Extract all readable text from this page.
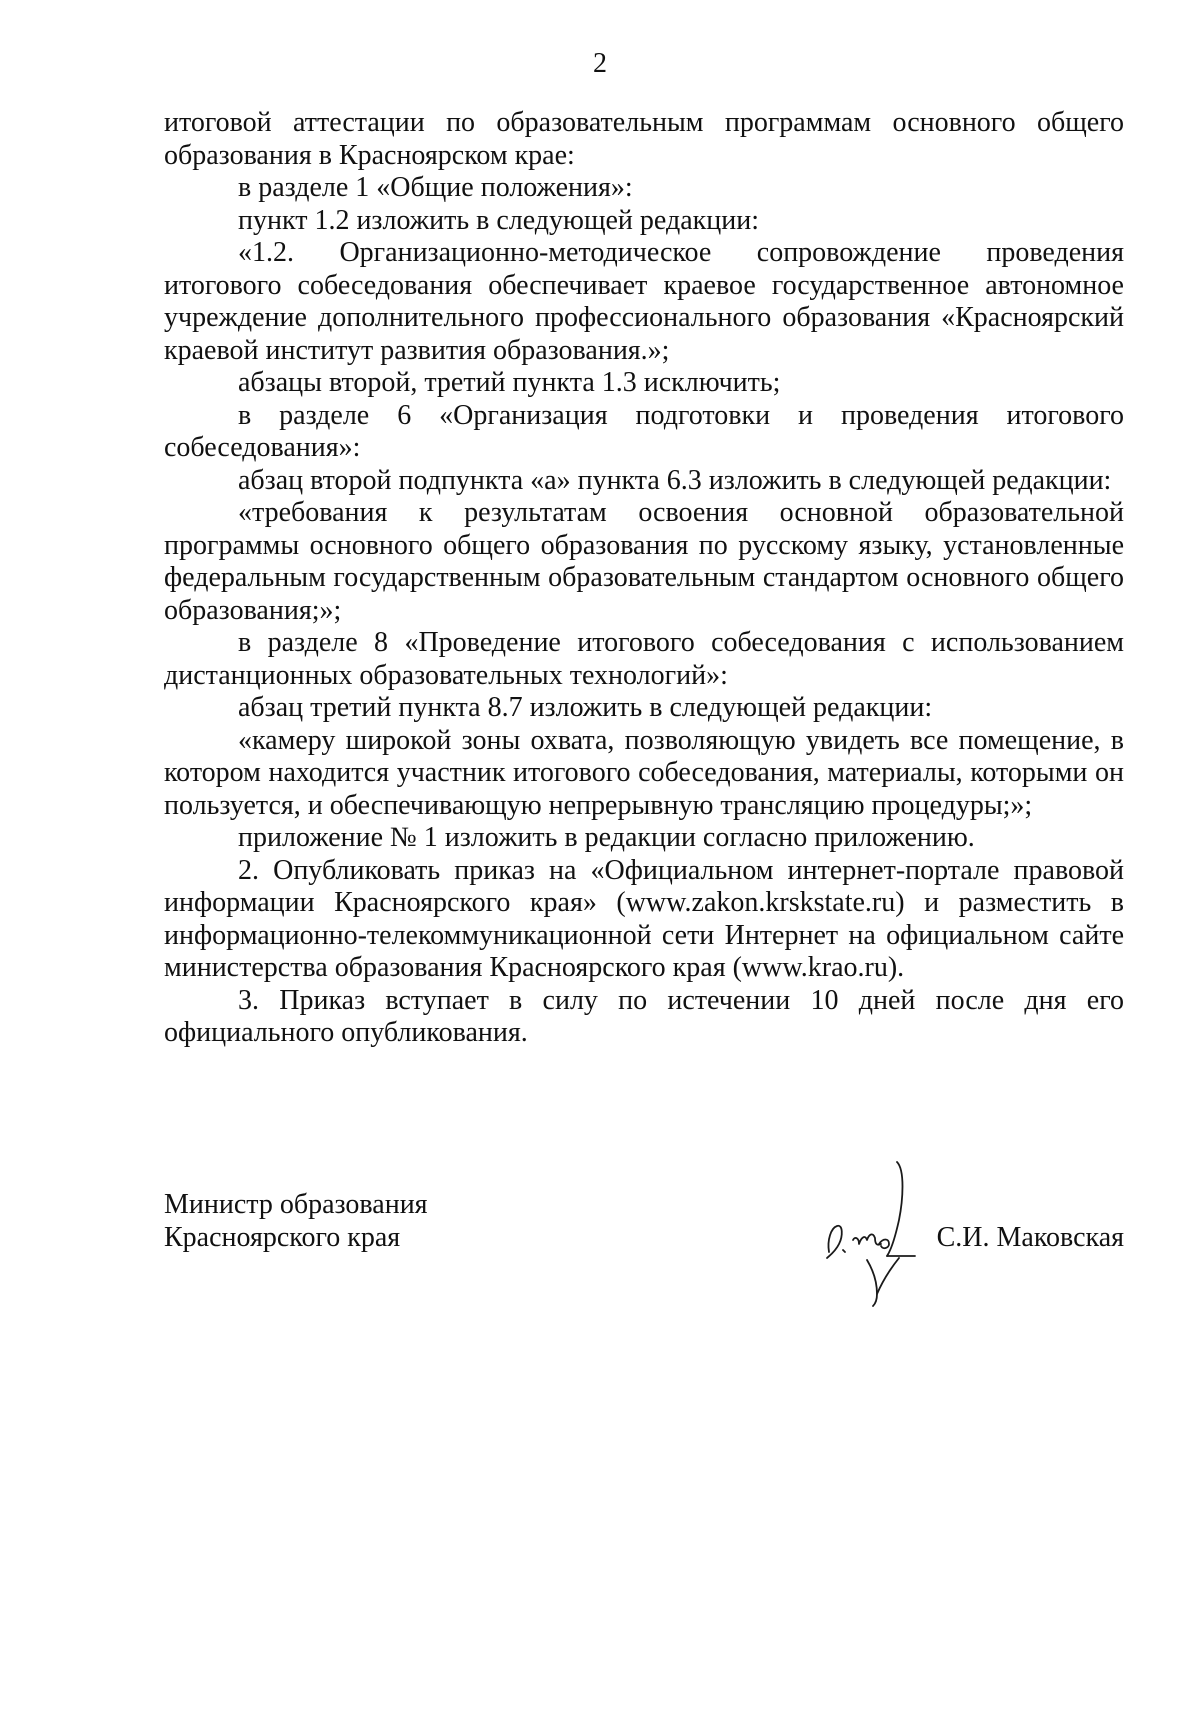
2

итоговой аттестации по образовательным программам основного общего образования в Красноярском крае:

в разделе 1 «Общие положения»:

пункт 1.2 изложить в следующей редакции:

«1.2. Организационно-методическое сопровождение проведения итогового собеседования обеспечивает краевое государственное автономное учреждение дополнительного профессионального образования «Красноярский краевой институт развития образования.»;

абзацы второй, третий пункта 1.3 исключить;

в разделе 6 «Организация подготовки и проведения итогового собеседования»:

абзац второй подпункта «а» пункта 6.3 изложить в следующей редакции:

«требования к результатам освоения основной образовательной программы основного общего образования по русскому языку, установленные федеральным государственным образовательным стандартом основного общего образования;»;

в разделе 8 «Проведение итогового собеседования с использованием дистанционных образовательных технологий»:

абзац третий пункта 8.7 изложить в следующей редакции:

«камеру широкой зоны охвата, позволяющую увидеть все помещение, в котором находится участник итогового собеседования, материалы, которыми он пользуется, и обеспечивающую непрерывную трансляцию процедуры;»;

приложение № 1 изложить в редакции согласно приложению.

2. Опубликовать приказ на «Официальном интернет-портале правовой информации Красноярского края» (www.zakon.krskstate.ru) и разместить в информационно-телекоммуникационной сети Интернет на официальном сайте министерства образования Красноярского края (www.krao.ru).

3. Приказ вступает в силу по истечении 10 дней после дня его официального опубликования.

Министр образования
Красноярского края	С.И. Маковская
